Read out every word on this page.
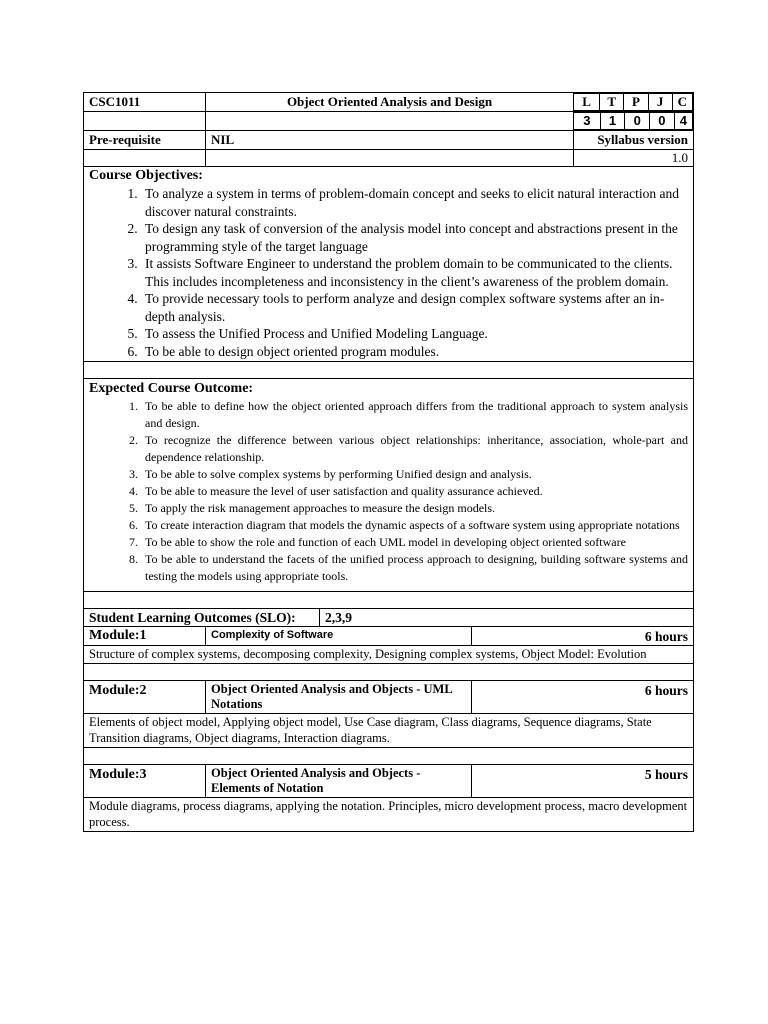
CSC1011	Object Oriented Analysis and Design		L	T	P	J	C

3	1	0	0	4

Pre-requisite	NIL	Syllabus version
		1.0

Course Objectives:
1. To analyze a system in terms of problem-domain concept and seeks to elicit natural interaction and discover natural constraints.
2. To design any task of conversion of the analysis model into concept and abstractions present in the programming style of the target language
3. It assists Software Engineer to understand the problem domain to be communicated to the clients. This includes incompleteness and inconsistency in the client’s awareness of the problem domain.
4. To provide necessary tools to perform analyze and design complex software systems after an in-depth analysis.
5. To assess the Unified Process and Unified Modeling Language.
6. To be able to design object oriented program modules.

Expected Course Outcome:
1. To be able to define how the object oriented approach differs from the traditional approach to system analysis and design.
2. To recognize the difference between various object relationships: inheritance, association, whole-part and dependence relationship.
3. To be able to solve complex systems by performing Unified design and analysis.
4. To be able to measure the level of user satisfaction and quality assurance achieved.
5. To apply the risk management approaches to measure the design models.
6. To create interaction diagram that models the dynamic aspects of a software system using appropriate notations
7. To be able to show the role and function of each UML model in developing object oriented software
8. To be able to understand the facets of the unified process approach to designing, building software systems and testing the models using appropriate tools.

Student Learning Outcomes (SLO):	2,3,9

Module:1	Complexity of Software	6 hours
Structure of complex systems, decomposing complexity, Designing complex systems, Object Model: Evolution

Module:2	Object Oriented Analysis and Objects - UML Notations	6 hours
Elements of object model, Applying object model, Use Case diagram, Class diagrams, Sequence diagrams, State Transition diagrams, Object diagrams, Interaction diagrams.

Module:3	Object Oriented Analysis and Objects - Elements of Notation	5 hours
Module diagrams, process diagrams, applying the notation. Principles, micro development process, macro development process.
